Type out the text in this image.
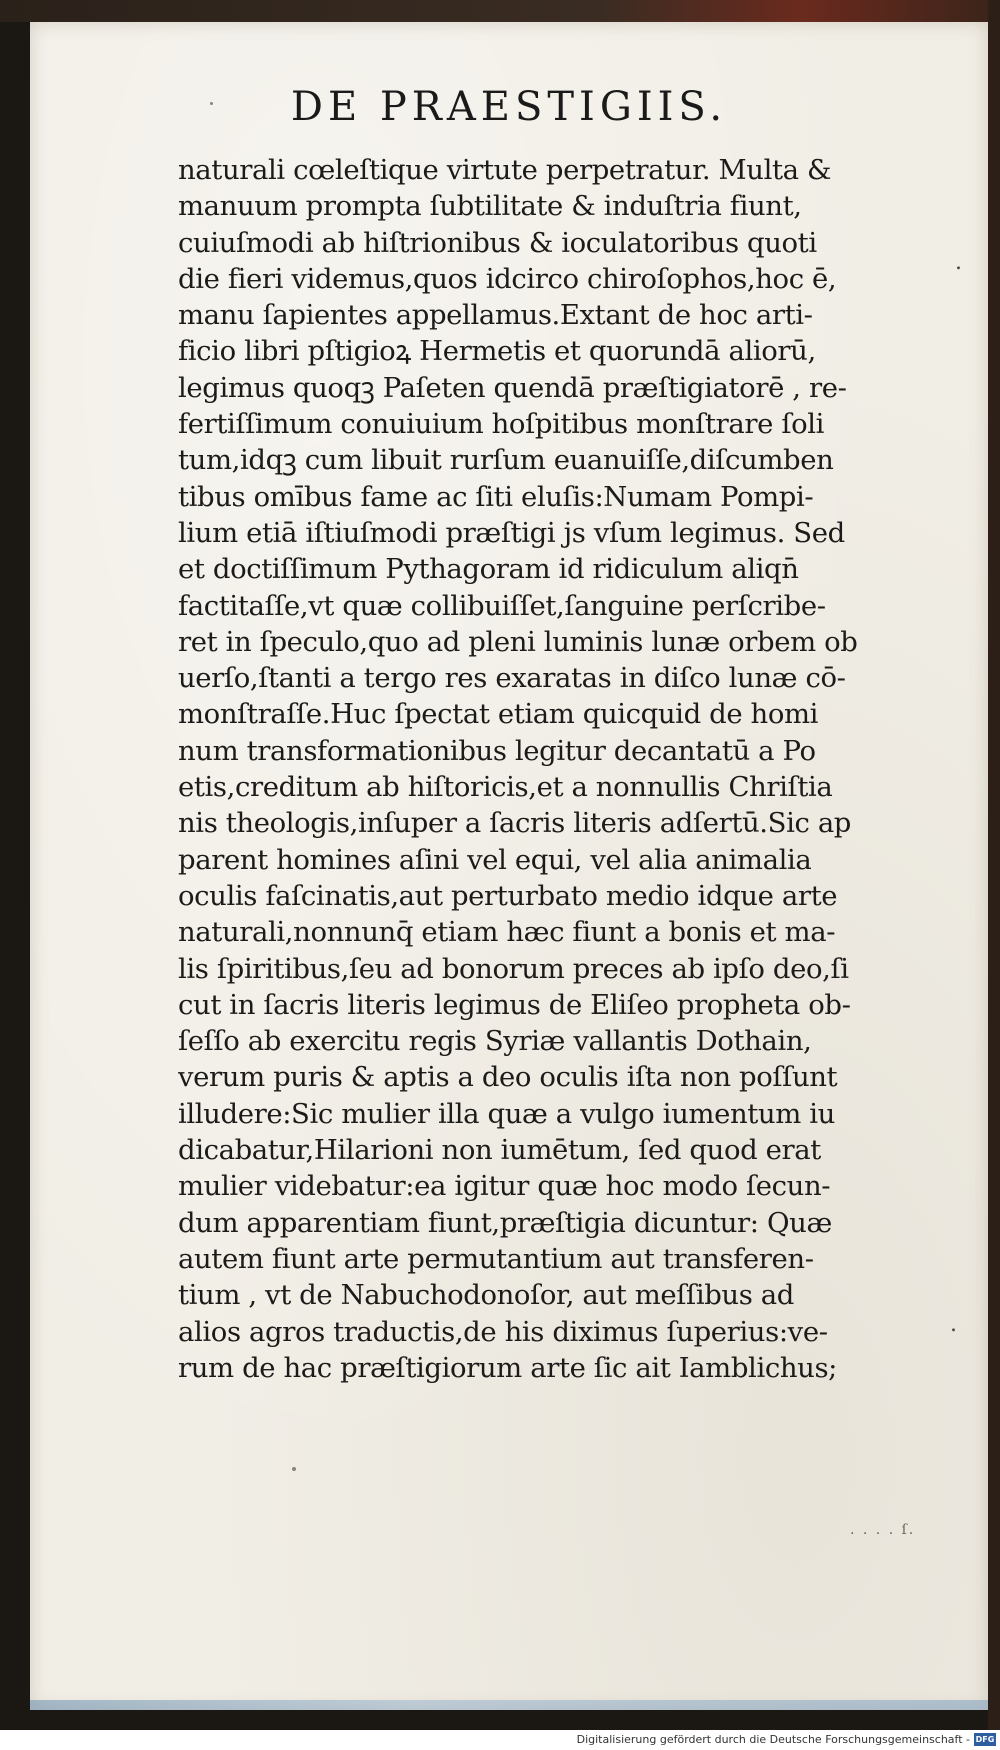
DE PRAESTIGIIS.
naturali cœleſtique virtute perpetratur. Multa &
manuum prompta ſubtilitate & induſtria fiunt,
cuiuſmodi ab hiſtrionibus & ioculatoribus quoti
die fieri videmus,quos idcirco chiroſophos,hoc ē,
manu ſapientes appellamus.Extant de hoc arti-
ficio libri pſtigioꝝ Hermetis et quorundā aliorū,
legimus quoqꝫ Paſeten quendā præſtigiatorē , re-
fertiſſimum conuiuium hoſpitibus monſtrare ſoli
tum,idqꝫ cum libuit rurſum euanuiſſe,diſcumben
tibus omībus fame ac ſiti eluſis:Numam Pompi-
lium etiā iſtiuſmodi præſtigi js vſum legimus. Sed
et doctiſſimum Pythagoram id ridiculum aliqn̄
factitaſſe,vt quæ collibuiſſet,ſanguine perſcribe-
ret in ſpeculo,quo ad pleni luminis lunæ orbem ob
uerſo,ſtanti a tergo res exaratas in diſco lunæ cō-
monſtraſſe.Huc ſpectat etiam quicquid de homi
num transformationibus legitur decantatū a Po
etis,creditum ab hiſtoricis,et a nonnullis Chriſtia
nis theologis,inſuper a ſacris literis adſertū.Sic ap
parent homines aſini vel equi, vel alia animalia
oculis faſcinatis,aut perturbato medio idque arte
naturali,nonnunq̄ etiam hæc fiunt a bonis et ma-
lis ſpiritibus,ſeu ad bonorum preces ab ipſo deo,ſi
cut in ſacris literis legimus de Eliſeo propheta ob-
ſeſſo ab exercitu regis Syriæ vallantis Dothain,
verum puris & aptis a deo oculis iſta non poſſunt
illudere:Sic mulier illa quæ a vulgo iumentum iu
dicabatur,Hilarioni non iumētum, ſed quod erat
mulier videbatur:ea igitur quæ hoc modo ſecun-
dum apparentiam fiunt,præſtigia dicuntur: Quæ
autem fiunt arte permutantium aut transferen-
tium , vt de Nabuchodonoſor, aut meſſibus ad
alios agros traductis,de his diximus ſuperius:ve-
rum de hac præſtigiorum arte ſic ait Iamblichus;
.
.
. . . . ſ.
Digitalisierung gefördert durch die Deutsche Forschungsgemeinschaft - DFG
